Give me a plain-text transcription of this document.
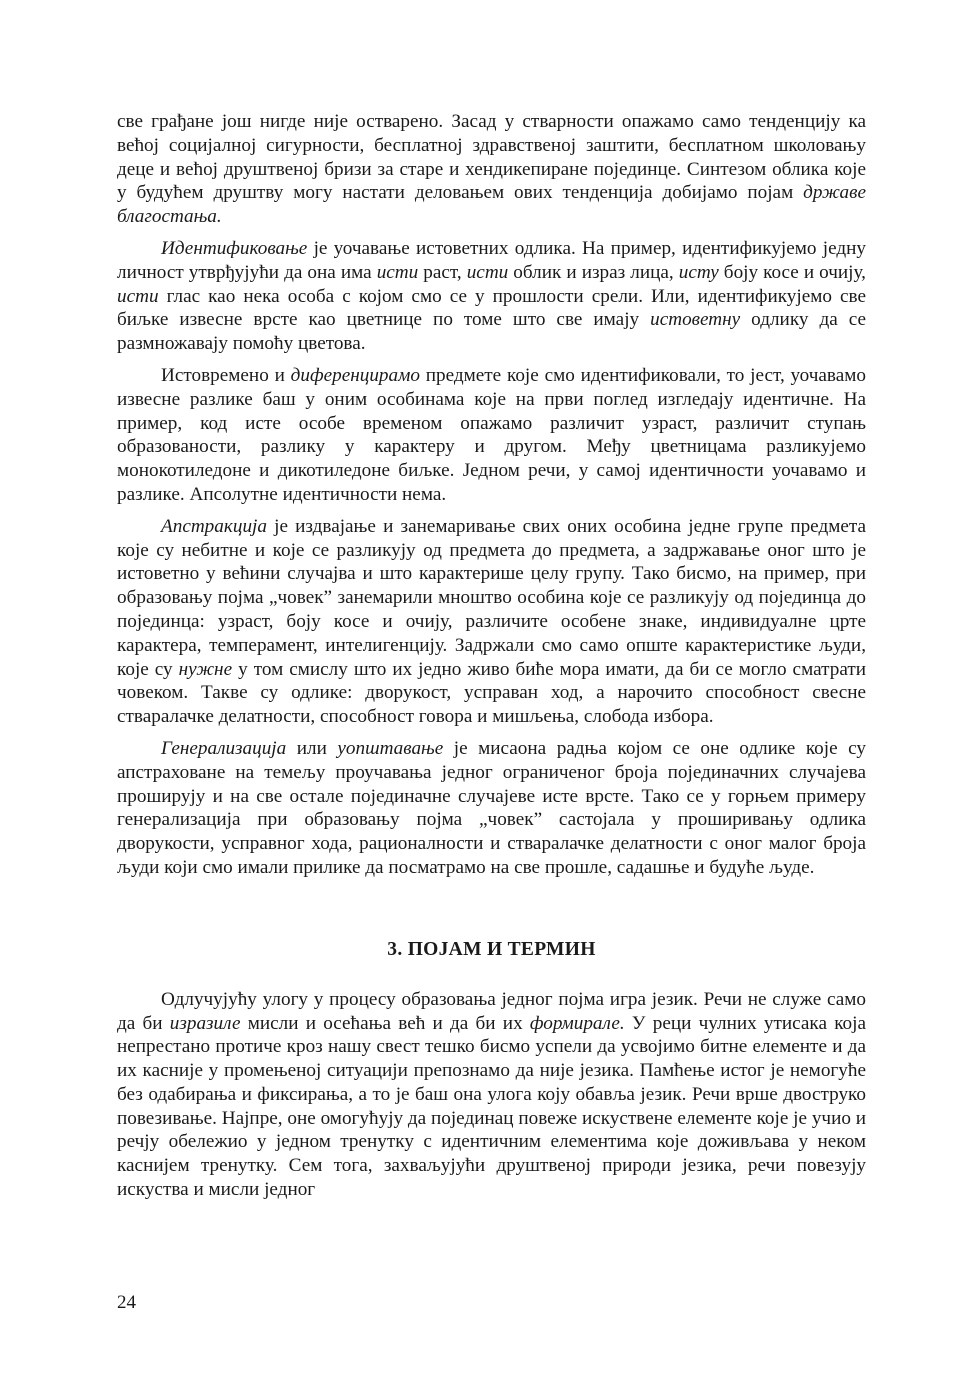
све грађане још нигде није остварено. Засад у стварности опажамо само тенденцију ка већој социјалној сигурности, бесплатној здравственој заштити, бесплатном школовању деце и већој друштвеној бризи за старе и хендикепиране појединце. Синтезом облика које у будућем друштву могу настати деловањем ових тенденција добијамо појам државе благостања.

Идентификовање је уочавање истоветних одлика. На пример, идентификујемо једну личност утврђујући да она има исти раст, исти облик и израз лица, исту боју косе и очију, исти глас као нека особа с којом смо се у прошлости срели. Или, идентификујемо све биљке извесне врсте као цветнице по томе што све имају истоветну одлику да се размножавају помоћу цветова.

Истовремено и диференцирамо предмете које смо идентификовали, то јест, уочавамо извесне разлике баш у оним особинама које на први поглед изгледају идентичне. На пример, код исте особе временом опажамо различит узраст, различит ступањ образованости, разлику у карактеру и другом. Међу цветницама разликујемо монокотиледоне и дикотиледоне биљке. Једном речи, у самој идентичности уочавамо и разлике. Апсолутне идентичности нема.

Апстракција је издвајање и занемаривање свих оних особина једне групе предмета које су небитне и које се разликују од предмета до предмета, а задржавање оног што је истоветно у већини случајва и што карактерише целу групу. Тако бисмо, на пример, при образовању појма „човек” занемарили мноштво особина које се разликују од појединца до појединца: узраст, боју косе и очију, различите особене знаке, индивидуалне црте карактера, темперамент, интелигенцију. Задржали смо само опште карактеристике људи, које су нужне у том смислу што их једно живо биће мора имати, да би се могло сматрати човеком. Такве су одлике: дворукост, усправан ход, а нарочито способност свесне стваралачке делатности, способност говора и мишљења, слобода избора.

Генерализација или уопштавање је мисаона радња којом се оне одлике које су апстраховане на темељу проучавања једног ограниченог броја појединачних случајева проширују и на све остале појединачне случајеве исте врсте. Тако се у горњем примеру генерализација при образовању појма „човек” састојала у проширивању одлика дворукости, усправног хода, рационалности и стваралачке делатности с оног малог броја људи који смо имали прилике да посматрамо на све прошле, садашње и будуће људе.

3. ПОЈАМ И ТЕРМИН

Одлучујућу улогу у процесу образовања једног појма игра језик. Речи не служе само да би изразиле мисли и осећања већ и да би их формирале. У реци чулних утисака која непрестано протиче кроз нашу свест тешко бисмо успели да усвојимо битне елементе и да их касније у промењеној ситуацији препознамо да није језика. Памћење истог је немогуће без одабирања и фиксирања, а то је баш она улога коју обавља језик. Речи врше двоструко повезивање. Најпре, оне омогућују да појединац повеже искуствене елементе које је учио и речју обележио у једном тренутку с идентичним елементима које доживљава у неком каснијем тренутку. Сем тога, захваљујући друштвеној природи језика, речи повезују искуства и мисли једног

24
